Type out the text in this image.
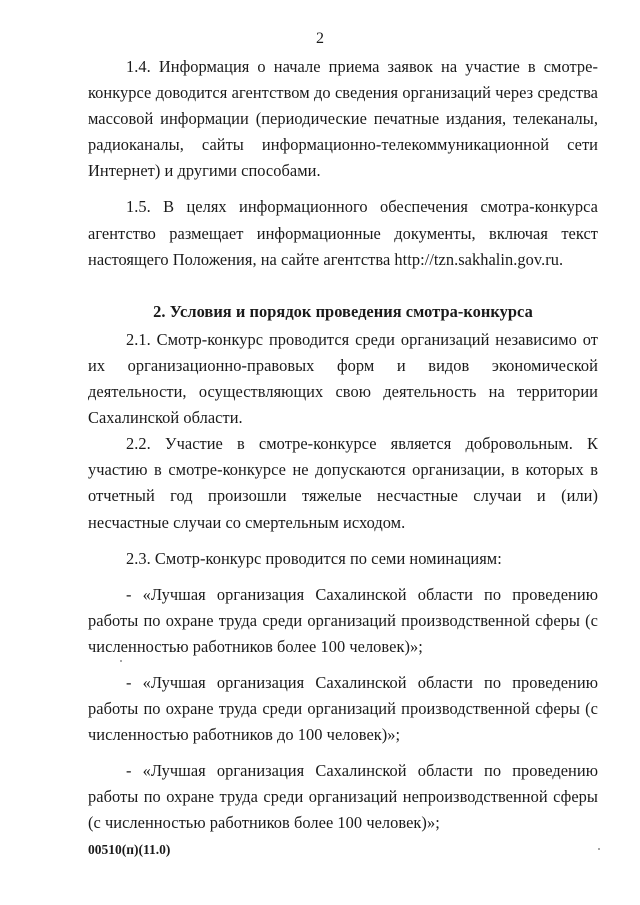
2

1.4. Информация о начале приема заявок на участие в смотре-конкурсе доводится агентством до сведения организаций через средства массовой информации (периодические печатные издания, телеканалы, радиоканалы, сайты информационно-телекоммуникационной сети Интернет) и другими способами.

1.5. В целях информационного обеспечения смотра-конкурса агентство размещает информационные документы, включая текст настоящего Положения, на сайте агентства http://tzn.sakhalin.gov.ru.

2. Условия и порядок проведения смотра-конкурса

2.1. Смотр-конкурс проводится среди организаций независимо от их организационно-правовых форм и видов экономической деятельности, осуществляющих свою деятельность на территории Сахалинской области.

2.2. Участие в смотре-конкурсе является добровольным. К участию в смотре-конкурсе не допускаются организации, в которых в отчетный год произошли тяжелые несчастные случаи и (или) несчастные случаи со смертельным исходом.

2.3. Смотр-конкурс проводится по семи номинациям:

- «Лучшая организация Сахалинской области по проведению работы по охране труда среди организаций производственной сферы (с численностью работников более 100 человек)»;

- «Лучшая организация Сахалинской области по проведению работы по охране труда среди организаций производственной сферы (с численностью работников до 100 человек)»;

- «Лучшая организация Сахалинской области по проведению работы по охране труда среди организаций непроизводственной сферы (с численностью работников более 100 человек)»;

00510(п)(11.0)
